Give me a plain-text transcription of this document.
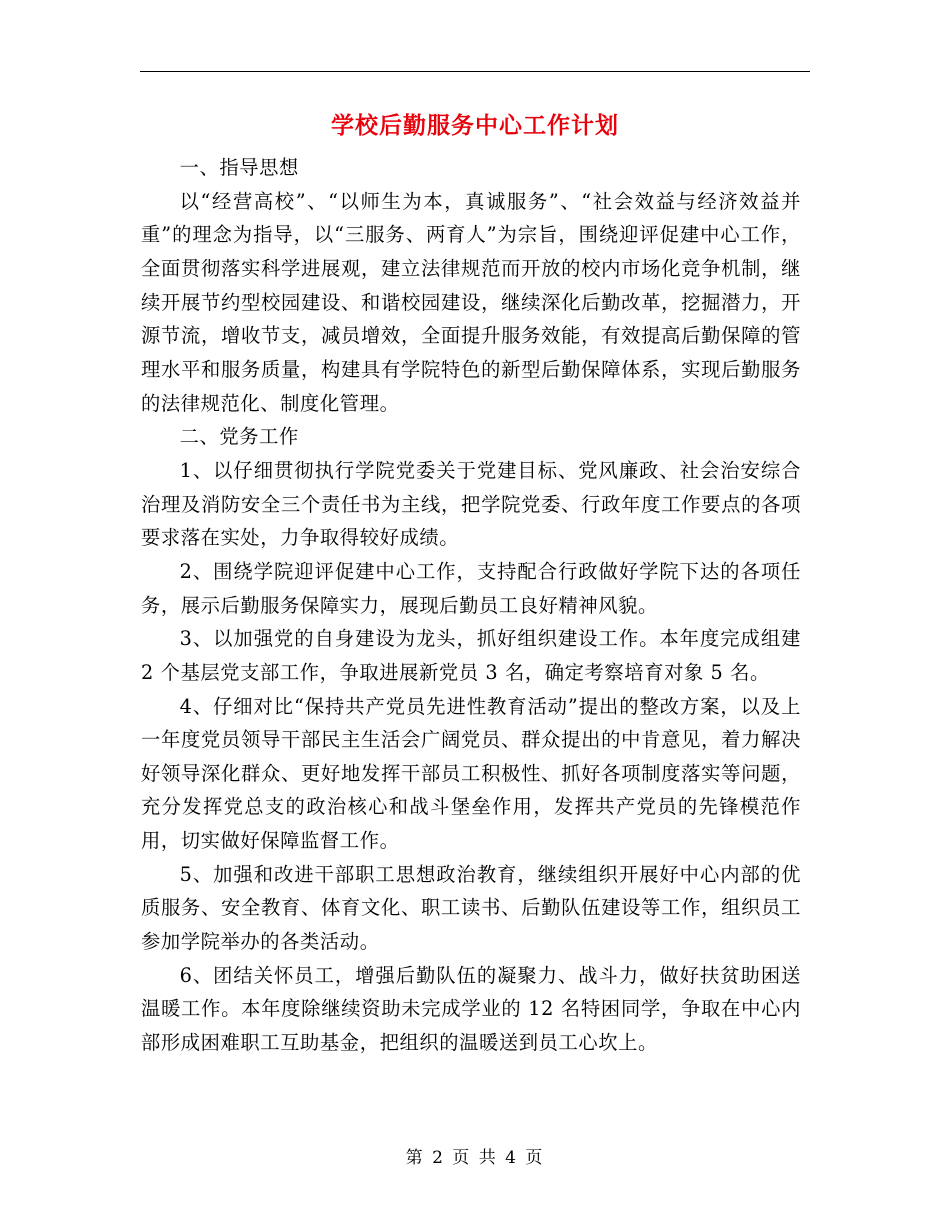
学校后勤服务中心工作计划

一、指导思想

以“经营高校”、“以师生为本，真诚服务”、“社会效益与经济效益并重”的理念为指导，以“三服务、两育人”为宗旨，围绕迎评促建中心工作，全面贯彻落实科学进展观，建立法律规范而开放的校内市场化竞争机制，继续开展节约型校园建设、和谐校园建设，继续深化后勤改革，挖掘潜力，开源节流，增收节支，减员增效，全面提升服务效能，有效提高后勤保障的管理水平和服务质量，构建具有学院特色的新型后勤保障体系，实现后勤服务的法律规范化、制度化管理。

二、党务工作

1、以仔细贯彻执行学院党委关于党建目标、党风廉政、社会治安综合治理及消防安全三个责任书为主线，把学院党委、行政年度工作要点的各项要求落在实处，力争取得较好成绩。

2、围绕学院迎评促建中心工作，支持配合行政做好学院下达的各项任务，展示后勤服务保障实力，展现后勤员工良好精神风貌。

3、以加强党的自身建设为龙头，抓好组织建设工作。本年度完成组建 2 个基层党支部工作，争取进展新党员 3 名，确定考察培育对象 5 名。

4、仔细对比“保持共产党员先进性教育活动”提出的整改方案，以及上一年度党员领导干部民主生活会广阔党员、群众提出的中肯意见，着力解决好领导深化群众、更好地发挥干部员工积极性、抓好各项制度落实等问题，充分发挥党总支的政治核心和战斗堡垒作用，发挥共产党员的先锋模范作用，切实做好保障监督工作。

5、加强和改进干部职工思想政治教育，继续组织开展好中心内部的优质服务、安全教育、体育文化、职工读书、后勤队伍建设等工作，组织员工参加学院举办的各类活动。

6、团结关怀员工，增强后勤队伍的凝聚力、战斗力，做好扶贫助困送温暖工作。本年度除继续资助未完成学业的 12 名特困同学，争取在中心内部形成困难职工互助基金，把组织的温暖送到员工心坎上。

第 2 页 共 4 页
